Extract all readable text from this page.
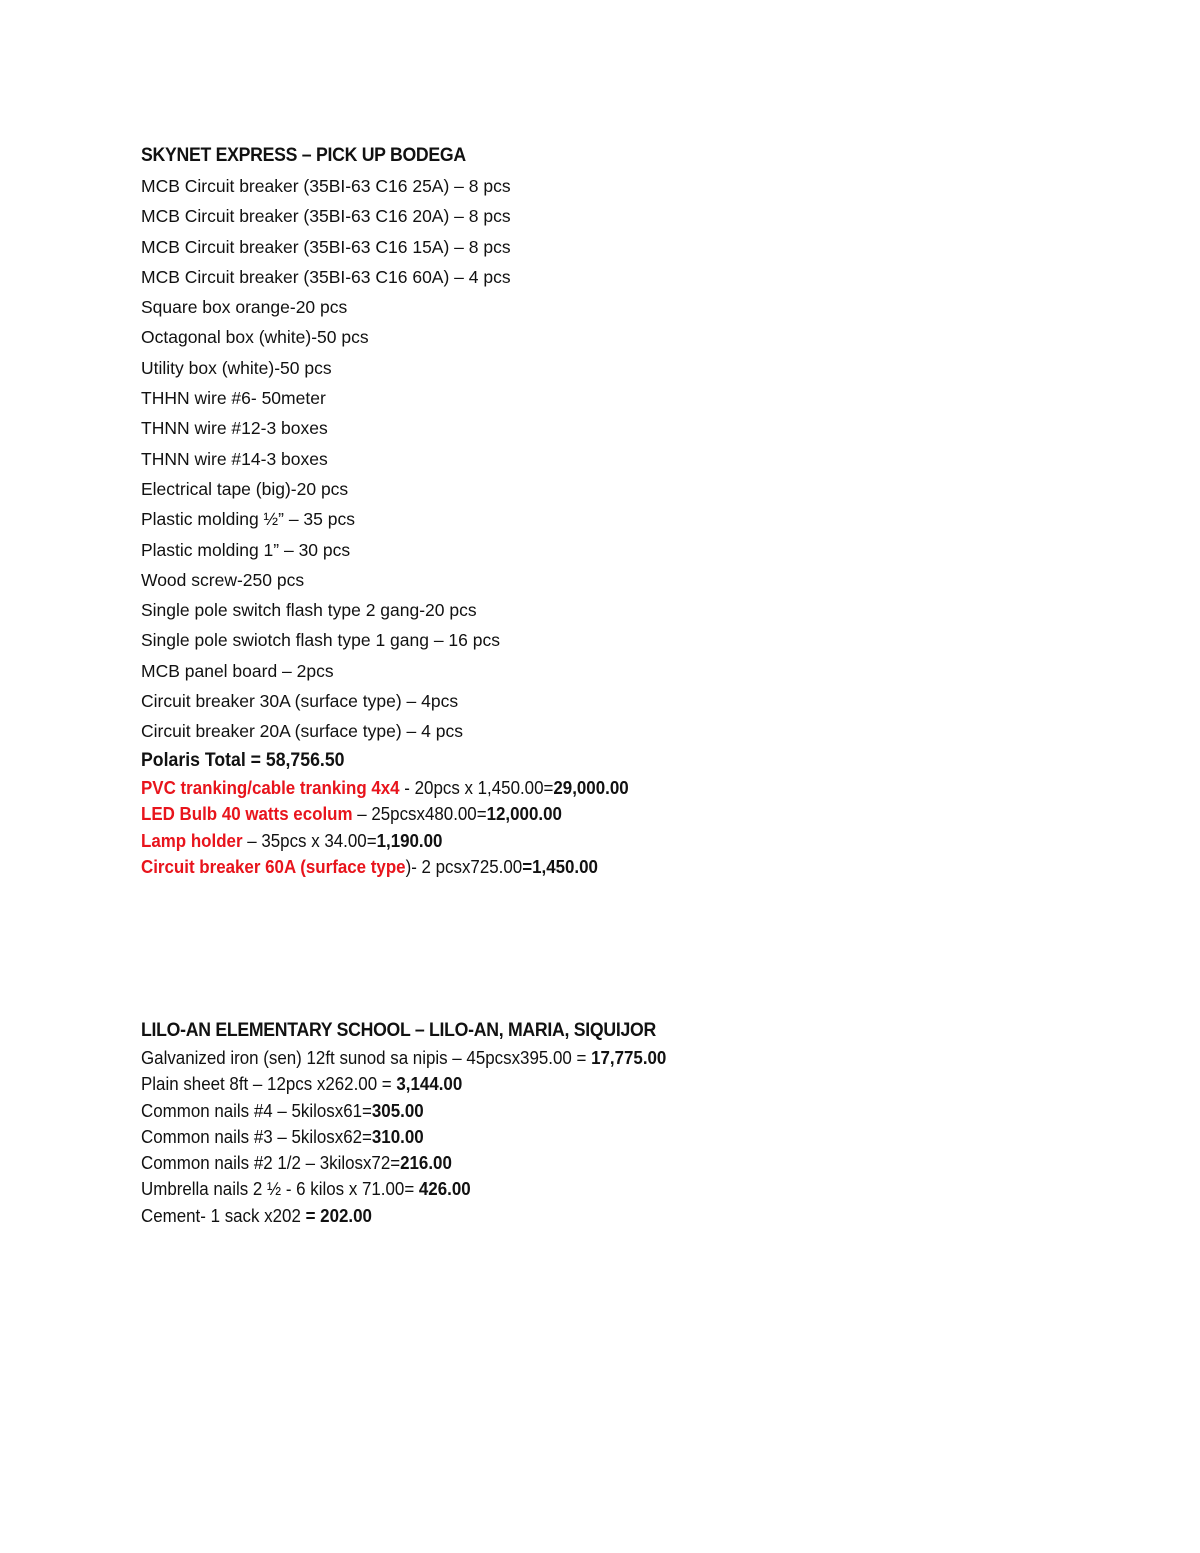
SKYNET EXPRESS – PICK UP BODEGA
MCB Circuit breaker (35BI-63 C16 25A) – 8 pcs
MCB Circuit breaker (35BI-63 C16 20A) – 8 pcs
MCB Circuit breaker (35BI-63 C16 15A) – 8 pcs
MCB Circuit breaker (35BI-63 C16 60A) – 4 pcs
Square box orange-20 pcs
Octagonal box (white)-50 pcs
Utility box (white)-50 pcs
THHN wire #6- 50meter
THNN wire #12-3 boxes
THNN wire #14-3 boxes
Electrical tape (big)-20 pcs
Plastic molding ½” – 35 pcs
Plastic molding 1” – 30 pcs
Wood screw-250 pcs
Single pole switch flash type 2 gang-20 pcs
Single pole swiotch flash type 1 gang – 16 pcs
MCB panel board – 2pcs
Circuit breaker 30A (surface type) – 4pcs
Circuit breaker 20A (surface type) – 4 pcs
Polaris Total = 58,756.50
PVC tranking/cable tranking 4x4 - 20pcs x 1,450.00=29,000.00
LED Bulb 40 watts ecolum – 25pcsx480.00=12,000.00
Lamp holder – 35pcs x 34.00=1,190.00
Circuit breaker 60A (surface type)- 2 pcsx725.00=1,450.00
LILO-AN ELEMENTARY SCHOOL – LILO-AN, MARIA, SIQUIJOR
Galvanized iron (sen) 12ft sunod sa nipis – 45pcsx395.00 = 17,775.00
Plain sheet 8ft – 12pcs x262.00 = 3,144.00
Common nails #4 – 5kilosx61=305.00
Common nails #3 – 5kilosx62=310.00
Common nails #2 1/2 – 3kilosx72=216.00
Umbrella nails 2 ½ - 6 kilos x 71.00= 426.00
Cement- 1 sack x202 = 202.00
